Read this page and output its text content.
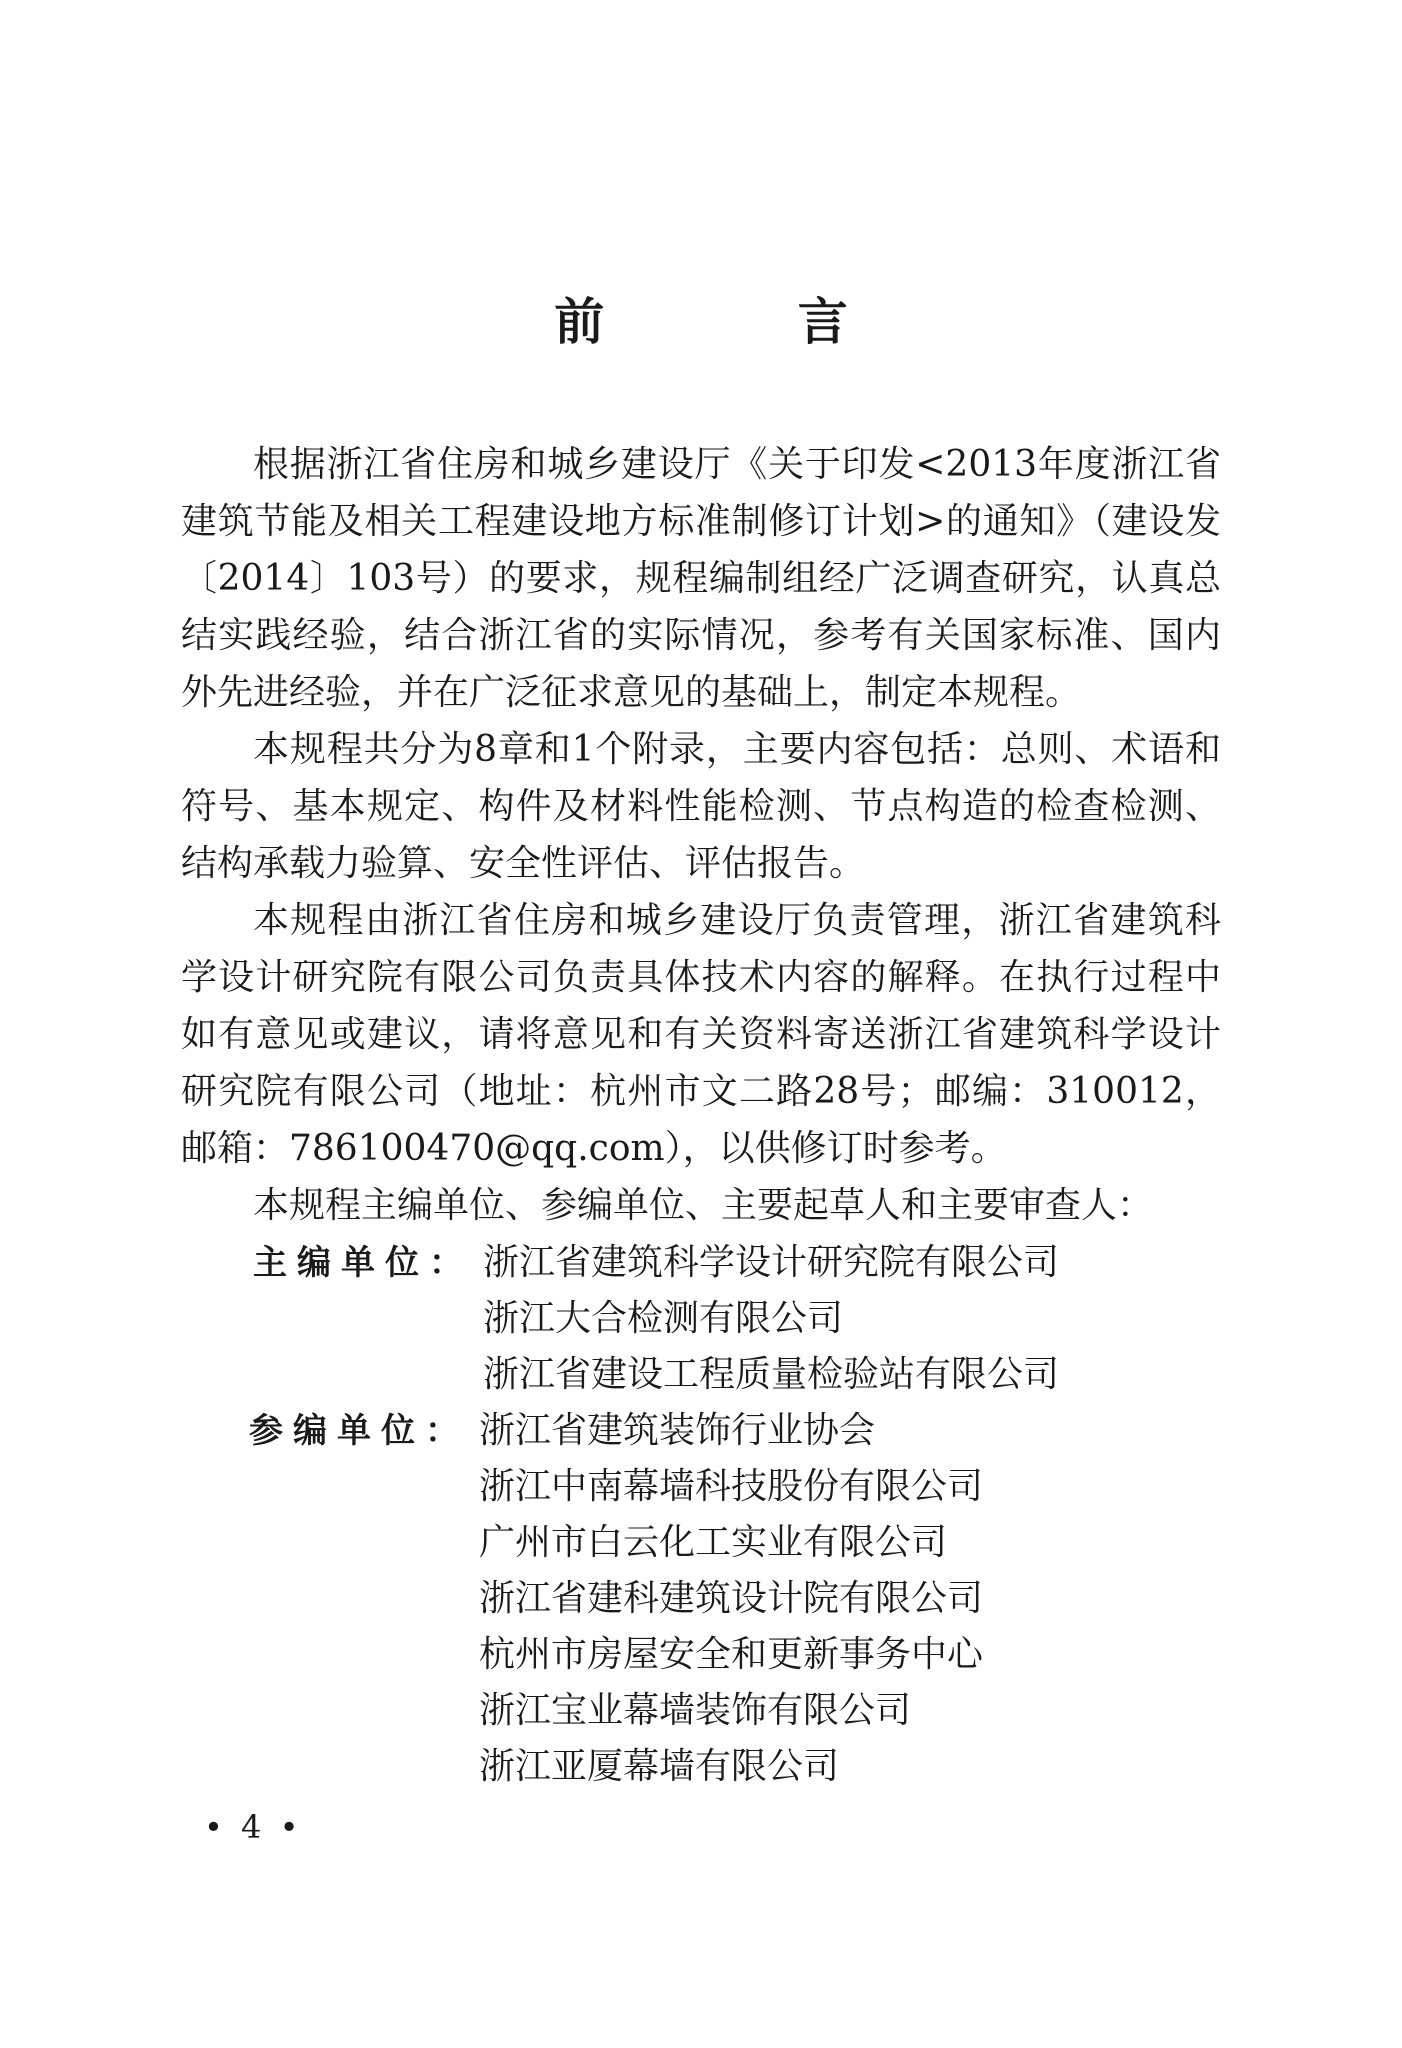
前 言

根据浙江省住房和城乡建设厅《关于印发<2013年度浙江省建筑节能及相关工程建设地方标准制修订计划>的通知》（建设发〔2014〕103号）的要求，规程编制组经广泛调查研究，认真总结实践经验，结合浙江省的实际情况，参考有关国家标准、国内外先进经验，并在广泛征求意见的基础上，制定本规程。

本规程共分为8章和1个附录，主要内容包括：总则、术语和符号、基本规定、构件及材料性能检测、节点构造的检查检测、结构承载力验算、安全性评估、评估报告。

本规程由浙江省住房和城乡建设厅负责管理，浙江省建筑科学设计研究院有限公司负责具体技术内容的解释。在执行过程中如有意见或建议，请将意见和有关资料寄送浙江省建筑科学设计研究院有限公司（地址：杭州市文二路28号；邮编：310012，邮箱：786100470@qq.com），以供修订时参考。

本规程主编单位、参编单位、主要起草人和主要审查人：

主编单位： 浙江省建筑科学设计研究院有限公司
浙江大合检测有限公司
浙江省建设工程质量检验站有限公司
参编单位： 浙江省建筑装饰行业协会
浙江中南幕墙科技股份有限公司
广州市白云化工实业有限公司
浙江省建科建筑设计院有限公司
杭州市房屋安全和更新事务中心
浙江宝业幕墙装饰有限公司
浙江亚厦幕墙有限公司
• 4 •
